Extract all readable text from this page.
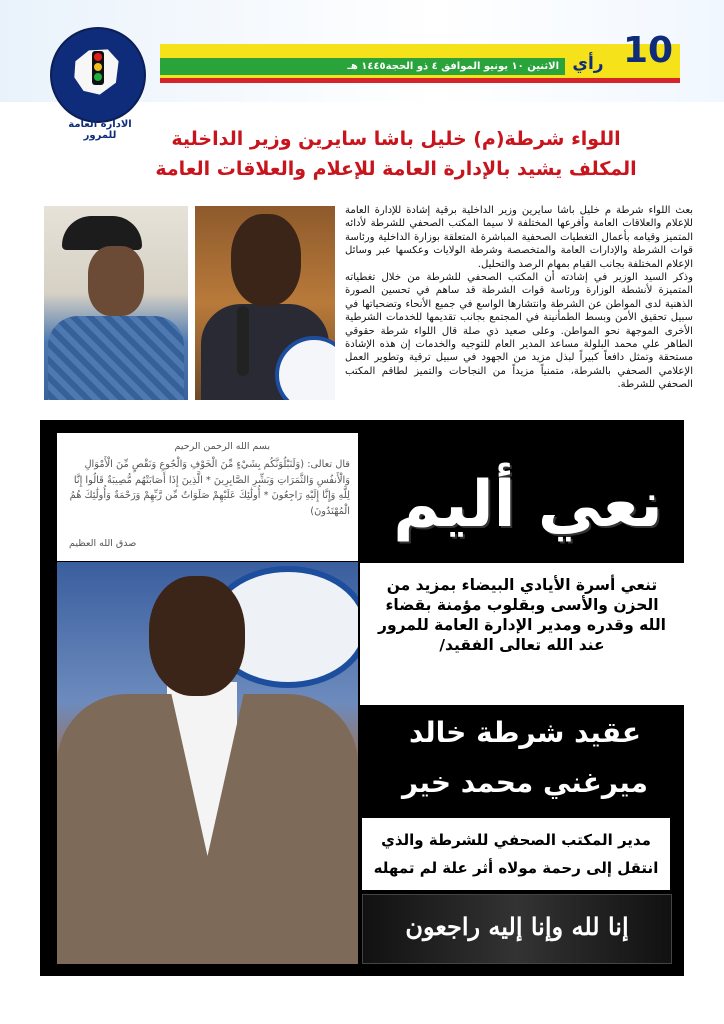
الادارة العامة للمرور
الاثنين ١٠ يونيو الموافق ٤ ذو الحجة١٤٤٥ هـ رأي 10
اللواء شرطة(م) خليل باشا سايرين وزير الداخلية
المكلف يشيد بالإدارة العامة للإعلام والعلاقات العامة

بعث اللواء شرطة م خليل باشا سايرين وزير الداخلية برقية إشادة للإدارة العامة للإعلام والعلاقات العامة وأفرعها المختلفة لا سيما المكتب الصحفي للشرطة لأدائه المتميز وقيامه بأعمال التغطيات الصحفية المباشرة المتعلقة بوزارة الداخلية ورئاسة قوات الشرطة والإدارات العامة والمتخصصة وشرطة الولايات وعكسها عبر وسائل الإعلام المختلفة بجانب القيام بمهام الرصد والتحليل.

وذكر السيد الوزير في إشادته أن المكتب الصحفي للشرطة من خلال تغطياته المتميزة لأنشطة الوزارة ورئاسة قوات الشرطة قد ساهم في تحسين الصورة الذهنية لدى المواطن عن الشرطة وانتشارها الواسع في جميع الأنحاء وتضحياتها في سبيل تحقيق الأمن وبسط الطمأنينة في المجتمع بجانب تقديمها للخدمات الشرطية الأخرى الموجهة نحو المواطن. وعلى صعيد ذي صلة قال اللواء شرطة حقوقي الطاهر علي محمد البلولة مساعد المدير العام للتوجيه والخدمات إن هذه الإشادة مستحقة وتمثل دافعاً كبيراً لبذل مزيد من الجهود في سبيل ترقية وتطوير العمل الإعلامي الصحفي بالشرطة، متمنياً مزيداً من النجاحات والتميز لطاقم المكتب الصحفي للشرطة.

بسم الله الرحمن الرحيم
قال تعالى: (وَلَنَبْلُوَنَّكُم بِشَيْءٍ مِّنَ الْخَوْفِ وَالْجُوعِ وَنَقْصٍ مِّنَ الْأَمْوَالِ وَالْأَنفُسِ وَالثَّمَرَاتِ وَبَشِّرِ الصَّابِرِينَ * الَّذِينَ إِذَا أَصَابَتْهُم مُّصِيبَةٌ قَالُوا إِنَّا لِلَّهِ وَإِنَّا إِلَيْهِ رَاجِعُونَ * أُولَٰئِكَ عَلَيْهِمْ صَلَوَاتٌ مِّن رَّبِّهِمْ وَرَحْمَةٌ وَأُولَٰئِكَ هُمُ الْمُهْتَدُونَ)
صدق الله العظيم
نعي أليم
تنعي أسرة الأيادي البيضاء بمزيد من الحزن والأسى وبقلوب مؤمنة بقضاء الله وقدره ومدير الإدارة العامة للمرور عند الله تعالى الفقيد/
عقيد شرطة خالد
ميرغني محمد خير
مدير المكتب الصحفي للشرطة والذي
انتقل إلى رحمة مولاه أثر علة لم تمهله
إنا لله وإنا إليه راجعون
